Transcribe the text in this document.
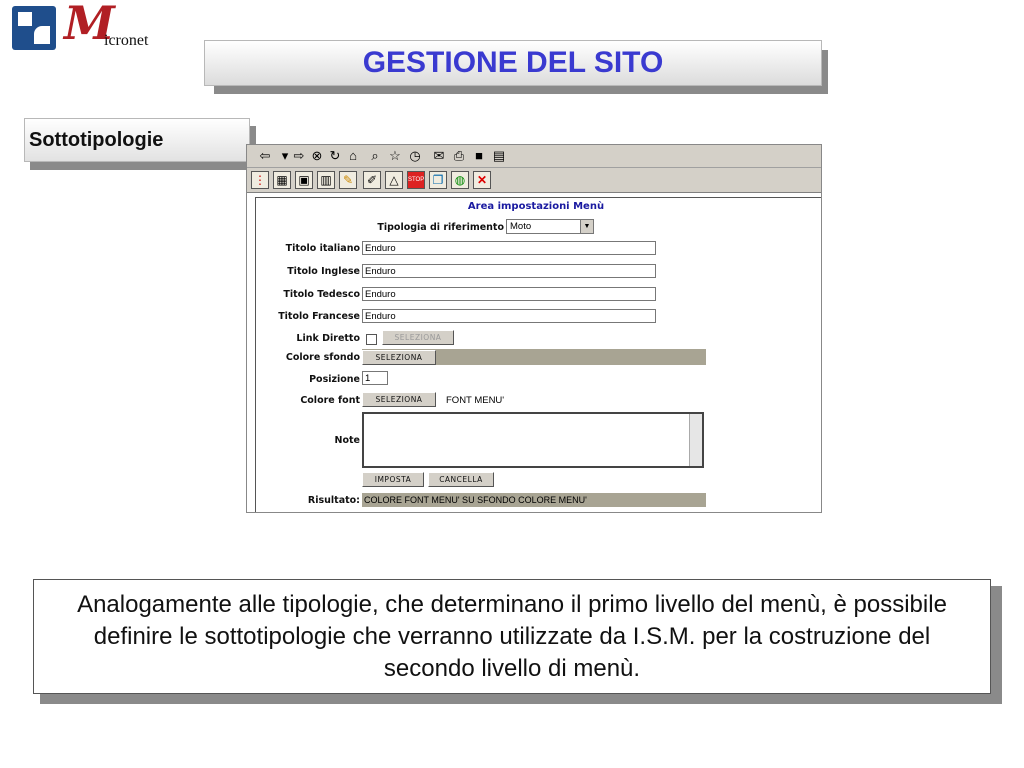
M
icronet
GESTIONE DEL SITO
Sottotipologie
⇦ ▾ ⇨ ⊗ ↻ ⌂	⌕ ☆ ◷ ✉ ⎙ ■ ▤
⋮ ▦ ▣ ▥ ✎	✐	△	STOP ❐ ◍ ✕
Area impostazioni Menù
Tipologia di riferimento Moto	▼
Titolo italiano Enduro
Titolo Inglese Enduro
Titolo Tedesco Enduro
Titolo Francese Enduro
Link Diretto	SELEZIONA
Colore sfondo	SELEZIONA
Posizione 1
Colore font	SELEZIONA	FONT MENU'
Note
IMPOSTA	CANCELLA
Risultato: COLORE FONT MENU' SU SFONDO COLORE MENU'
Analogamente alle tipologie, che determinano il primo livello del menù, è possibile definire le sottotipologie che verranno utilizzate da I.S.M. per la costruzione del secondo livello di menù.
